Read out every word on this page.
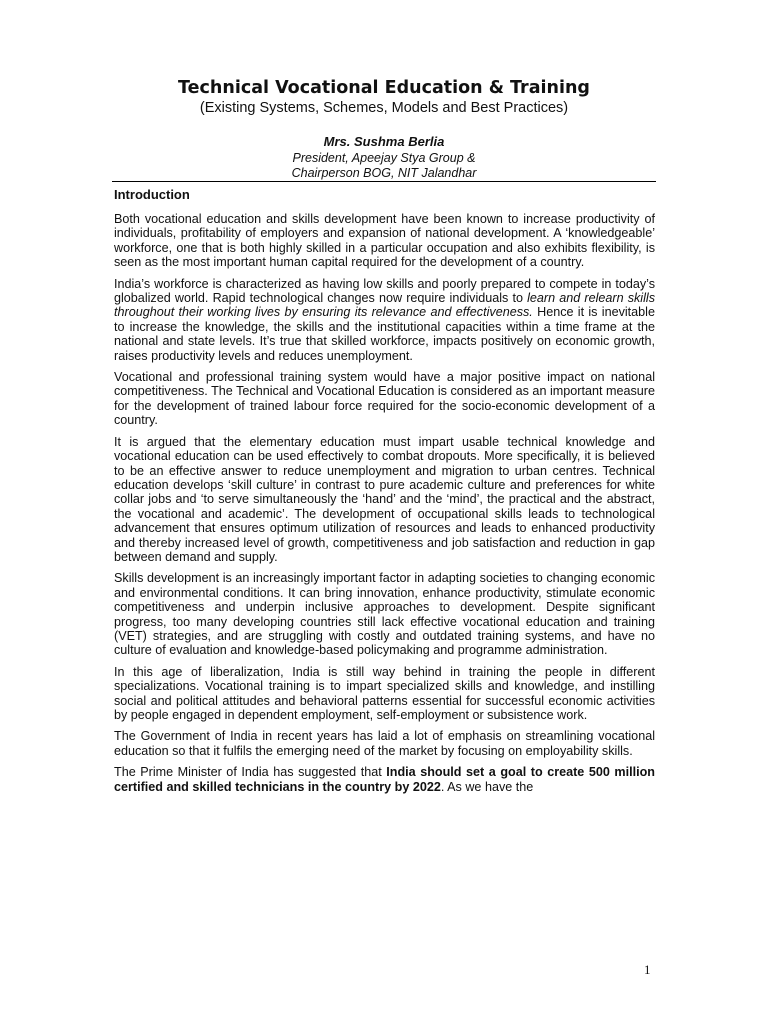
Technical Vocational Education & Training

(Existing Systems, Schemes, Models and Best Practices)

Mrs. Sushma Berlia

President, Apeejay Stya Group &

Chairperson BOG, NIT Jalandhar

Introduction

Both vocational education and skills development have been known to increase productivity of individuals, profitability of employers and expansion of national development. A ‘knowledgeable’ workforce, one that is both highly skilled in a particular occupation and also exhibits flexibility, is seen as the most important human capital required for the development of a country.

India’s workforce is characterized as having low skills and poorly prepared to compete in today’s globalized world. Rapid technological changes now require individuals to learn and relearn skills throughout their working lives by ensuring its relevance and effectiveness. Hence it is inevitable to increase the knowledge, the skills and the institutional capacities within a time frame at the national and state levels. It’s true that skilled workforce, impacts positively on economic growth, raises productivity levels and reduces unemployment.

Vocational and professional training system would have a major positive impact on national competitiveness. The Technical and Vocational Education is considered as an important measure for the development of trained labour force required for the socio-economic development of a country.

It is argued that the elementary education must impart usable technical knowledge and vocational education can be used effectively to combat dropouts. More specifically, it is believed to be an effective answer to reduce unemployment and migration to urban centres. Technical education develops ‘skill culture’ in contrast to pure academic culture and preferences for white collar jobs and ‘to serve simultaneously the ‘hand’ and the ‘mind’, the practical and the abstract, the vocational and academic’. The development of occupational skills leads to technological advancement that ensures optimum utilization of resources and leads to enhanced productivity and thereby increased level of growth, competitiveness and job satisfaction and reduction in gap between demand and supply.

Skills development is an increasingly important factor in adapting societies to changing economic and environmental conditions. It can bring innovation, enhance productivity, stimulate economic competitiveness and underpin inclusive approaches to development. Despite significant progress, too many developing countries still lack effective vocational education and training (VET) strategies, and are struggling with costly and outdated training systems, and have no culture of evaluation and knowledge-based policymaking and programme administration.

In this age of liberalization, India is still way behind in training the people in different specializations. Vocational training is to impart specialized skills and knowledge, and instilling social and political attitudes and behavioral patterns essential for successful economic activities by people engaged in dependent employment, self-employment or subsistence work.

The Government of India in recent years has laid a lot of emphasis on streamlining vocational education so that it fulfils the emerging need of the market by focusing on employability skills.

The Prime Minister of India has suggested that India should set a goal to create 500 million certified and skilled technicians in the country by 2022. As we have the

1
